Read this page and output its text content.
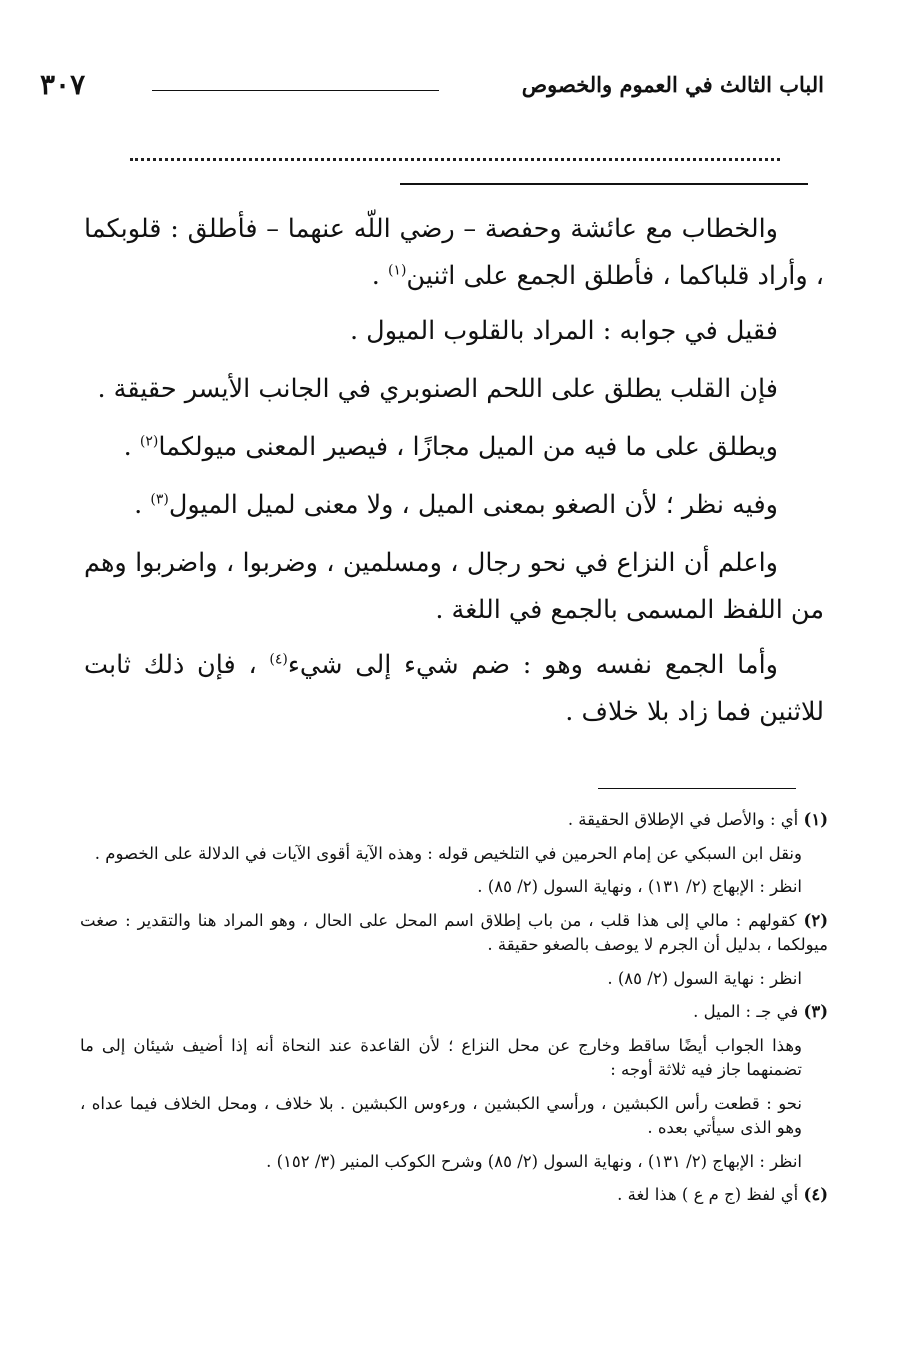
الباب الثالث في العموم والخصوص
٣٠٧

والخطاب مع عائشة وحفصة – رضي اللّه عنهما – فأطلق : قلوبكما ، وأراد قلباكما ، فأطلق الجمع على اثنين$^{(١)}$ .

فقيل في جوابه : المراد بالقلوب الميول .

فإن القلب يطلق على اللحم الصنوبري في الجانب الأيسر حقيقة .

ويطلق على ما فيه من الميل مجازًا ، فيصير المعنى ميولكما$^{(٢)}$ .

وفيه نظر ؛ لأن الصغو بمعنى الميل ، ولا معنى لميل الميول$^{(٣)}$ .

واعلم أن النزاع في نحو رجال ، ومسلمين ، وضربوا ، واضربوا وهم من اللفظ المسمى بالجمع في اللغة .

وأما الجمع نفسه وهو : ضم شيء إلى شيء$^{(٤)}$ ، فإن ذلك ثابت للاثنين فما زاد بلا خلاف .

(١) أي : والأصل في الإطلاق الحقيقة .

ونقل ابن السبكي عن إمام الحرمين في التلخيص قوله : وهذه الآية أقوى الآيات في الدلالة على الخصوم .

انظر : الإبهاج (٢/ ١٣١) ، ونهاية السول (٢/ ٨٥) .

(٢) كقولهم : مالي إلى هذا قلب ، من باب إطلاق اسم المحل على الحال ، وهو المراد هنا والتقدير : صغت ميولكما ، بدليل أن الجرم لا يوصف بالصغو حقيقة .

انظر : نهاية السول (٢/ ٨٥) .

(٣) في جـ : الميل .

وهذا الجواب أيضًا ساقط وخارج عن محل النزاع ؛ لأن القاعدة عند النحاة أنه إذا أضيف شيئان إلى ما تضمنهما جاز فيه ثلاثة أوجه :

نحو : قطعت رأس الكبشين ، ورأسي الكبشين ، ورءوس الكبشين . بلا خلاف ، ومحل الخلاف فيما عداه ، وهو الذى سيأتي بعده .

انظر : الإبهاج (٢/ ١٣١) ، ونهاية السول (٢/ ٨٥) وشرح الكوكب المنير (٣/ ١٥٢) .

(٤) أي لفظ (ج م ع ) هذا لغة .
